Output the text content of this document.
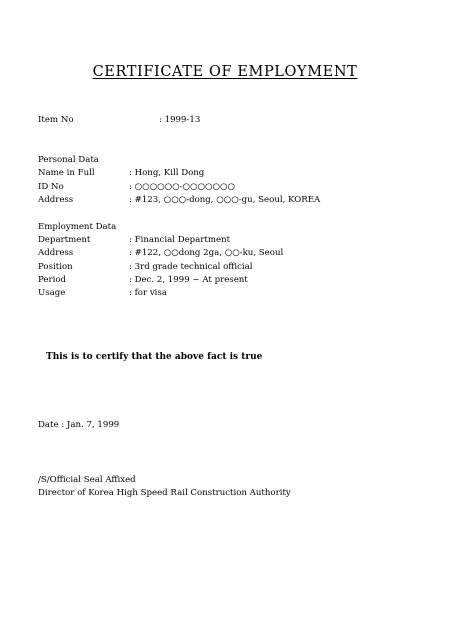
CERTIFICATE OF EMPLOYMENT
Item No	: 1999-13
Personal Data
Name in Full	: Hong, Kill Dong
ID No	: ○○○○○○-○○○○○○○
Address	: #123, ○○○-dong, ○○○-gu, Seoul, KOREA
Employment Data
Department	: Financial Department
Address	: #122, ○○dong 2ga, ○○-ku, Seoul
Position	: 3rd grade technical official
Period	: Dec. 2, 1999 ~ At present
Usage	: for visa
This is to certify that the above fact is true
Date : Jan. 7, 1999
/S/Official Seal Affixed
Director of Korea High Speed Rail Construction Authority
